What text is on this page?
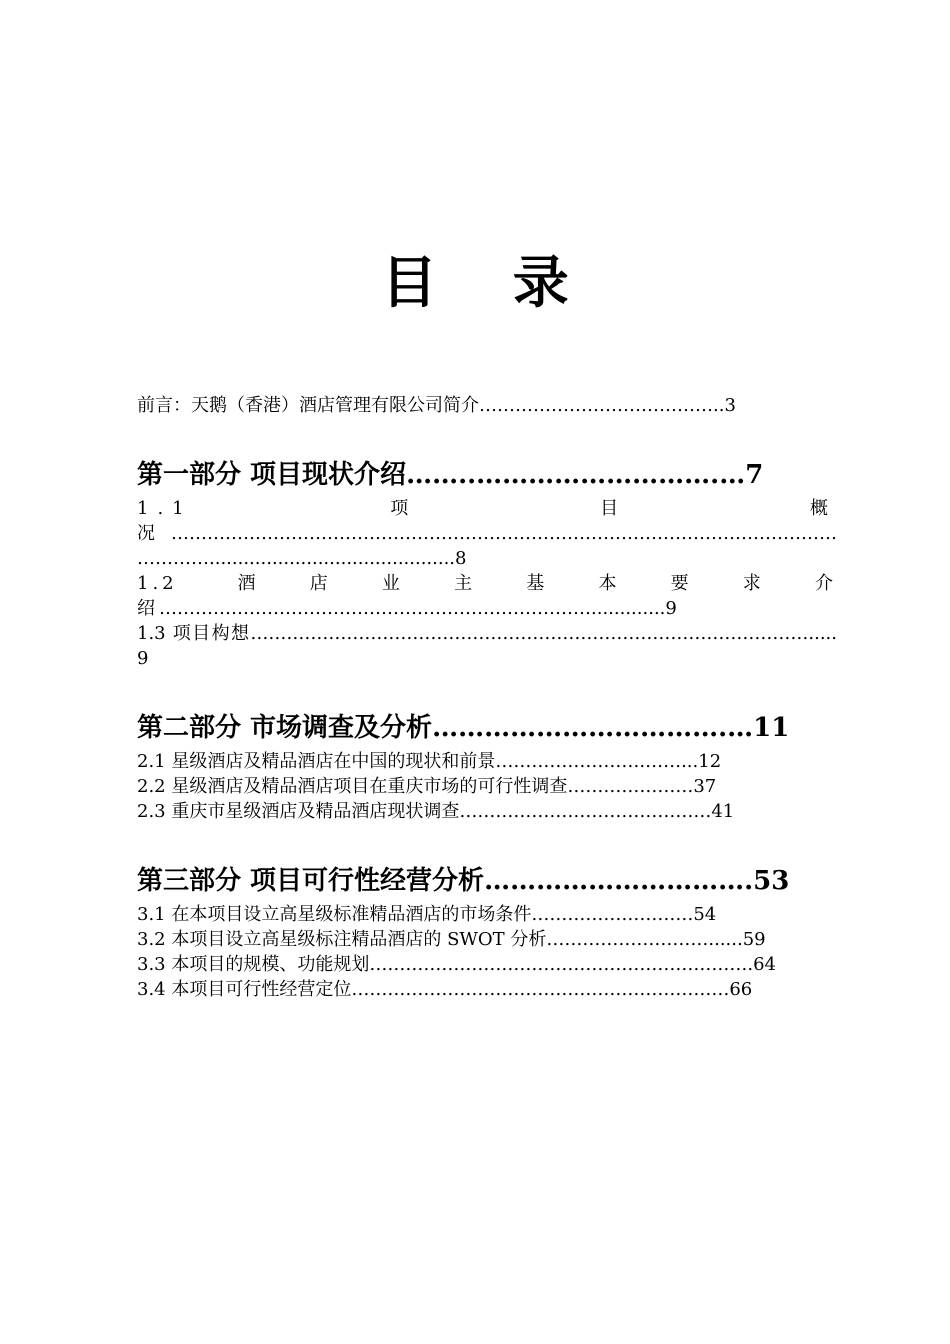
目 录

前言：天鹅（香港）酒店管理有限公司简介…………………………………..3

第一部分 项目现状介绍……..……………………….…7

1.1 项目概况……………………………………………………………………………………………………………...........................................8

1.2 酒店业主基本要求介绍……………………………………………………………….............9

1.3 项目构想………………………………………………………………………………….....9

第二部分 市场调查及分析…………………………….…11

2.1 星级酒店及精品酒店在中国的现状和前景…………………….……...12

2.2 星级酒店及精品酒店项目在重庆市场的可行性调查…………………37

2.3 重庆市星级酒店及精品酒店现状调查……………………………………41

第三部分 项目可行性经营分析………………………….53

3.1 在本项目设立高星级标准精品酒店的市场条件………………………54

3.2 本项目设立高星级标注精品酒店的 SWOT 分析………………………......59

3.3 本项目的规模、功能规划……………………………………………………….64

3.4 本项目可行性经营定位………………………………………………………66
